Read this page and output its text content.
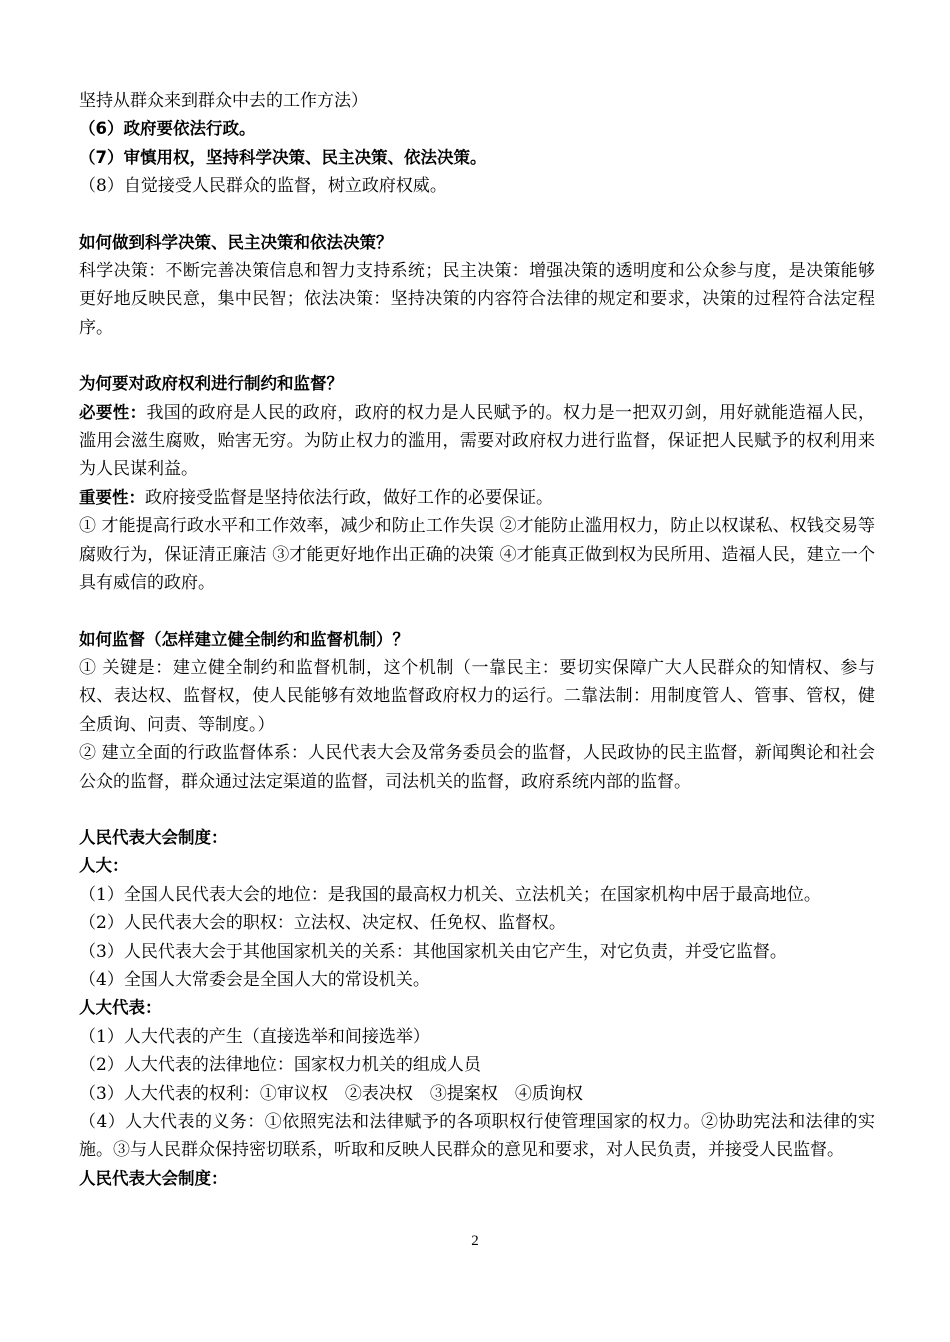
坚持从群众来到群众中去的工作方法）
（6）政府要依法行政。
（7）审慎用权，坚持科学决策、民主决策、依法决策。
（8）自觉接受人民群众的监督，树立政府权威。
如何做到科学决策、民主决策和依法决策？
科学决策：不断完善决策信息和智力支持系统；民主决策：增强决策的透明度和公众参与度，是决策能够更好地反映民意，集中民智；依法决策：坚持决策的内容符合法律的规定和要求，决策的过程符合法定程序。
为何要对政府权利进行制约和监督？
必要性：我国的政府是人民的政府，政府的权力是人民赋予的。权力是一把双刃剑，用好就能造福人民，滥用会滋生腐败，贻害无穷。为防止权力的滥用，需要对政府权力进行监督，保证把人民赋予的权利用来为人民谋利益。
重要性：政府接受监督是坚持依法行政，做好工作的必要保证。
① 才能提高行政水平和工作效率，减少和防止工作失误 ②才能防止滥用权力，防止以权谋私、权钱交易等腐败行为，保证清正廉洁 ③才能更好地作出正确的决策 ④才能真正做到权为民所用、造福人民，建立一个具有威信的政府。
如何监督（怎样建立健全制约和监督机制）？
① 关键是：建立健全制约和监督机制，这个机制（一靠民主：要切实保障广大人民群众的知情权、参与权、表达权、监督权，使人民能够有效地监督政府权力的运行。二靠法制：用制度管人、管事、管权，健全质询、问责、等制度。）
② 建立全面的行政监督体系：人民代表大会及常务委员会的监督，人民政协的民主监督，新闻舆论和社会公众的监督，群众通过法定渠道的监督，司法机关的监督，政府系统内部的监督。
人民代表大会制度：
人大：
（1）全国人民代表大会的地位：是我国的最高权力机关、立法机关；在国家机构中居于最高地位。
（2）人民代表大会的职权：立法权、决定权、任免权、监督权。
（3）人民代表大会于其他国家机关的关系：其他国家机关由它产生，对它负责，并受它监督。
（4）全国人大常委会是全国人大的常设机关。
人大代表：
（1）人大代表的产生（直接选举和间接选举）
（2）人大代表的法律地位：国家权力机关的组成人员
（3）人大代表的权利：①审议权　②表决权　③提案权　④质询权
（4）人大代表的义务：①依照宪法和法律赋予的各项职权行使管理国家的权力。②协助宪法和法律的实施。③与人民群众保持密切联系，听取和反映人民群众的意见和要求，对人民负责，并接受人民监督。
人民代表大会制度：
2
